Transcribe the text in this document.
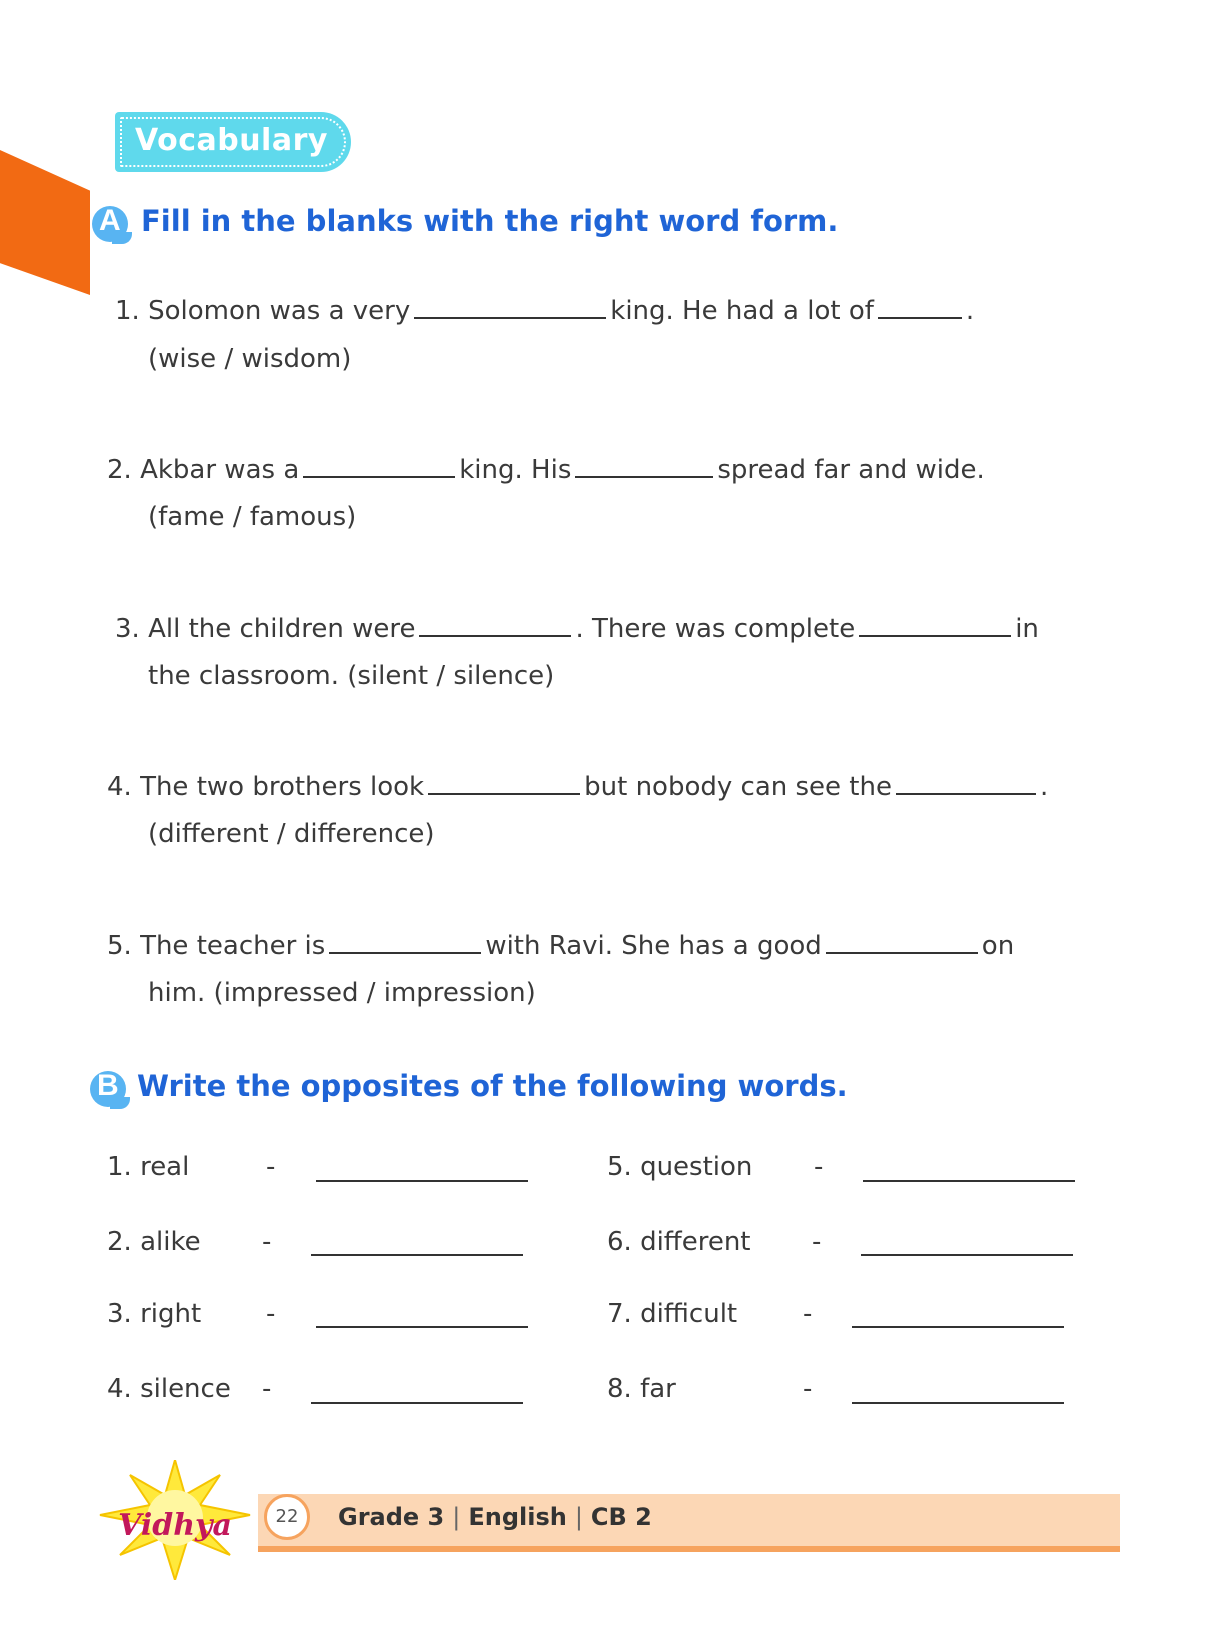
Vocabulary
A Fill in the blanks with the right word form.
1. Solomon was a very	king. He had a lot of	.
(wise / wisdom)
2. Akbar was a	king. His	spread far and wide.
(fame / famous)
3. All the children were	. There was complete	in
the classroom. (silent / silence)
4. The two brothers look	but nobody can see the	.
(different / difference)
5. The teacher is	with Ravi. She has a good	on
him. (impressed / impression)
B Write the opposites of the following words.
1. real	-	5. question -
2. alike -	6. different -
3. right -	7. difficult	-
4. silence -	8. far	-
22	Grade 3 | English | CB 2
Vidhya
